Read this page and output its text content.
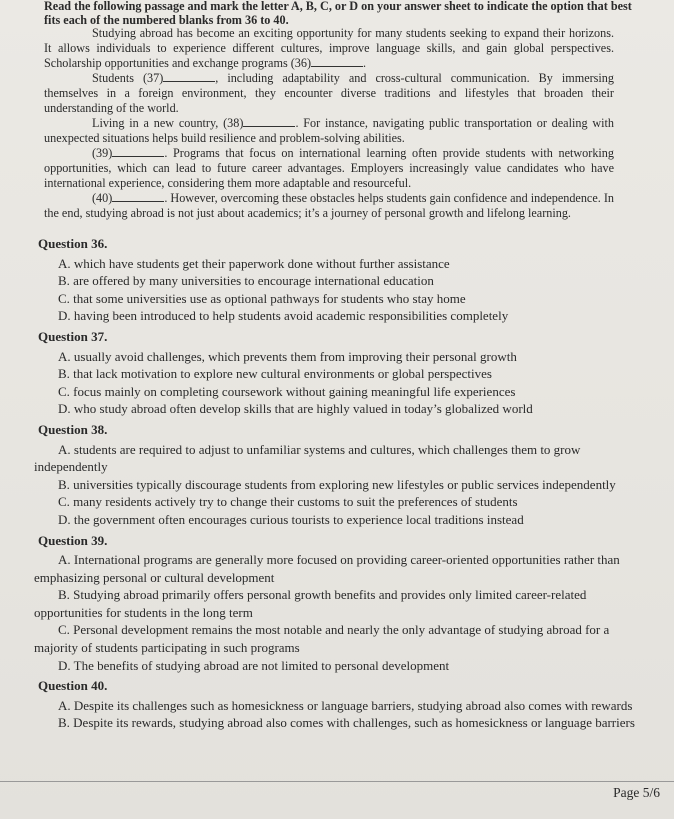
Read the following passage and mark the letter A, B, C, or D on your answer sheet to indicate the option that best fits each of the numbered blanks from 36 to 40.

Studying abroad has become an exciting opportunity for many students seeking to expand their horizons. It allows individuals to experience different cultures, improve language skills, and gain global perspectives. Scholarship opportunities and exchange programs (36)	.

Students (37)	, including adaptability and cross-cultural communication. By immersing themselves in a foreign environment, they encounter diverse traditions and lifestyles that broaden their understanding of the world.

Living in a new country, (38)	. For instance, navigating public transportation or dealing with unexpected situations helps build resilience and problem-solving abilities.

(39)	. Programs that focus on international learning often provide students with networking opportunities, which can lead to future career advantages. Employers increasingly value candidates who have international experience, considering them more adaptable and resourceful.

(40)	. However, overcoming these obstacles helps students gain confidence and independence. In the end, studying abroad is not just about academics; it’s a journey of personal growth and lifelong learning.

Question 36.
A. which have students get their paperwork done without further assistance
B. are offered by many universities to encourage international education
C. that some universities use as optional pathways for students who stay home
D. having been introduced to help students avoid academic responsibilities completely
Question 37.
A. usually avoid challenges, which prevents them from improving their personal growth
B. that lack motivation to explore new cultural environments or global perspectives
C. focus mainly on completing coursework without gaining meaningful life experiences
D. who study abroad often develop skills that are highly valued in today’s globalized world
Question 38.
A. students are required to adjust to unfamiliar systems and cultures, which challenges them to grow independently
B. universities typically discourage students from exploring new lifestyles or public services independently
C. many residents actively try to change their customs to suit the preferences of students
D. the government often encourages curious tourists to experience local traditions instead
Question 39.
A. International programs are generally more focused on providing career-oriented opportunities rather than emphasizing personal or cultural development
B. Studying abroad primarily offers personal growth benefits and provides only limited career-related opportunities for students in the long term
C. Personal development remains the most notable and nearly the only advantage of studying abroad for a majority of students participating in such programs
D. The benefits of studying abroad are not limited to personal development
Question 40.
A. Despite its challenges such as homesickness or language barriers, studying abroad also comes with rewards
B. Despite its rewards, studying abroad also comes with challenges, such as homesickness or language barriers
Page 5/6
